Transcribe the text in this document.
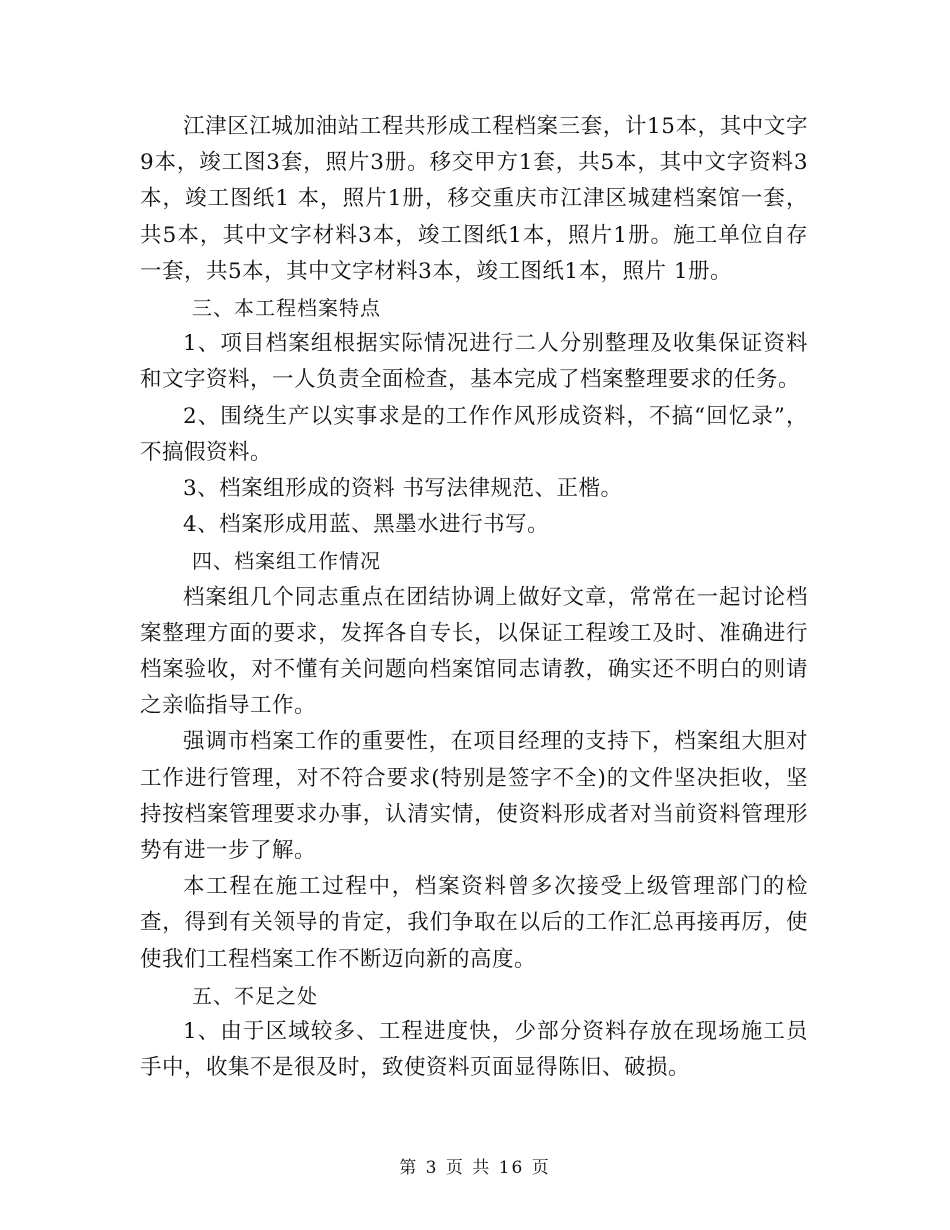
江津区江城加油站工程共形成工程档案三套，计15本，其中文字9本，竣工图3套，照片3册。移交甲方1套，共5本，其中文字资料3本，竣工图纸1 本，照片1册，移交重庆市江津区城建档案馆一套，共5本，其中文字材料3本，竣工图纸1本，照片1册。施工单位自存一套，共5本，其中文字材料3本，竣工图纸1本，照片 1册。

三、本工程档案特点

1、项目档案组根据实际情况进行二人分别整理及收集保证资料和文字资料，一人负责全面检查，基本完成了档案整理要求的任务。

2、围绕生产以实事求是的工作作风形成资料，不搞“回忆录”，不搞假资料。

3、档案组形成的资料 书写法律规范、正楷。

4、档案形成用蓝、黑墨水进行书写。

四、档案组工作情况

档案组几个同志重点在团结协调上做好文章，常常在一起讨论档案整理方面的要求，发挥各自专长，以保证工程竣工及时、准确进行档案验收，对不懂有关问题向档案馆同志请教，确实还不明白的则请之亲临指导工作。

强调市档案工作的重要性，在项目经理的支持下，档案组大胆对工作进行管理，对不符合要求(特别是签字不全)的文件坚决拒收，坚持按档案管理要求办事，认清实情，使资料形成者对当前资料管理形势有进一步了解。

本工程在施工过程中，档案资料曾多次接受上级管理部门的检查，得到有关领导的肯定，我们争取在以后的工作汇总再接再厉，使使我们工程档案工作不断迈向新的高度。

五、不足之处

1、由于区域较多、工程进度快，少部分资料存放在现场施工员手中，收集不是很及时，致使资料页面显得陈旧、破损。

第 3 页 共 16 页
